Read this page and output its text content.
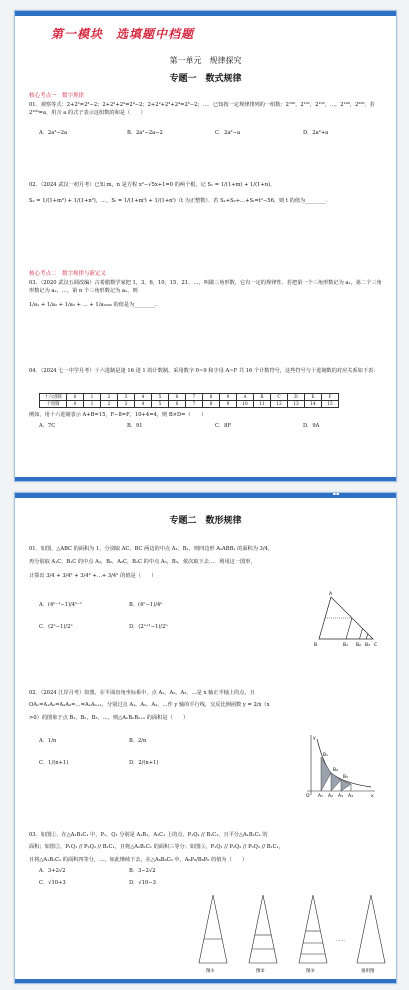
第一模块　选填题中档题
第一单元　规律探究
专题一　数式规律
核心考点一　数字规律

01．观察等式：2+2²=2³−2；2+2²+2³=2⁴−2；2+2²+2³+2⁴=2⁵−2；…．已知按一定规律排列的一组数：2¹⁰⁰，2¹⁰¹，2¹⁰²，…，2¹⁹⁹，2²⁰⁰．若 2¹⁰⁰=a，用含 a 的式子表示这组数的和是（　　）

A．2a²−2a	B．2a²−2a−2	C．2a²−a	D．2a²+a

02．（2024 武汉一初月考）已知 m，n 是方程 x²−√5x+1=0 的两个根，记 S₁ = 1/(1+m) + 1/(1+n)，

S₂ = 1/(1+m²) + 1/(1+n²)，…，Sₜ = 1/(1+mᵗ) + 1/(1+nᵗ)（t 为正整数）．若 S₁+S₂+…+Sₜ=t²−56，则 t 的值为________.

核心考点二　数字规律与新定义

03．（2020 武汉五调改编）古希腊数学家把 1，3，6，10，15，21，…，叫做三角形数，它有一定的规律性．若把第一个三角形数记为 a₁，第二个三角形数记为 a₂，…，第 n 个三角形数记为 aₙ，则

1/a₁ + 1/a₂ + 1/a₃ + … + 1/a₂₀₀₀ 的值是为________.

04．（2024 七一中学月考）十六进制是逢 16 进 1 的计数制，采用数字 0~9 和字母 A~F 共 16 个计数符号，这些符号与十进制数的对应关系如下表：

十六进制	0	1	2	3	4	5	6	7	8	9	A	B	C	D	E	F
十进制	0	1	2	3	4	5	6	7	8	9	10	11	12	13	14	15

例如，用十六进制表示 A+B=15，F−8=F，10+4=4，则 B×D=（　　）

A．7C	B．91	C．8F	D．9A
▪▪
专题二　数形规律

01．如图，△ABC 的面积为 1，分别取 AC，BC 两边的中点 A₁，B₁，则四边形 A₁ABB₁ 的面积为 3/4，

再分别取 A₁C，B₁C 的中点 A₂，B₂，A₂C，B₂C 的中点 A₃，B₃，依次取下去…．利用这一图形，

计算出 3/4 + 3/4² + 3/4³ +…+ 3/4ⁿ 的值是（　　）

A．(4ⁿ⁻¹−1)/4ⁿ⁻¹	B．(4ⁿ−1)/4ⁿ
C．(2ⁿ−1)/2ⁿ	D．(2ⁿ⁺¹−1)/2ⁿ
A
B	C
B₁ B₂ B₃

02．（2024 江岸月考）如图，在平面直角坐标系中，点 A₁，A₂，A₃，…是 x 轴正半轴上的点，且

OA₁=A₁A₂=A₂A₃=…=AₙAₙ₊₁，分别过点 A₁，A₂，A₃，…作 y 轴的平行线，交反比例函数 y = 2/x（x

>0）的图象于点 B₁，B₂，B₃，…，则△AₙBₙBₙ₊₁ 的面积是（　　）

A．1/n	B．2/n
C．1/(n+1)	D．2/(n+1)
y
x
O A₁ A₂ A₃ A₄
B₁
B₂
B₃

03．如图①，在△A₁B₁C₁ 中，P₁，Q₁ 分别是 A₁B₁，A₁C₁ 上的点，P₁Q₁ // B₁C₁，且平分△A₁B₁C₁ 的

面积；如图②，P₁Q₁ // P₂Q₂ // B₁C₁，且将△A₁B₁C₁ 的面积三等分；如图③，P₁Q₁ // P₂Q₂ // P₃Q₃ // B₁C₁，

且将△A₁B₁C₁ 的面积四等分，…，如此继续下去，在△A₆B₆C₆ 中，A₆P₆/B₆P₆ 的值为（　　）

A．3+2√2	B．3−2√2
C．√10+3	D．√10−3
……
图①	图②	图③	备用图
